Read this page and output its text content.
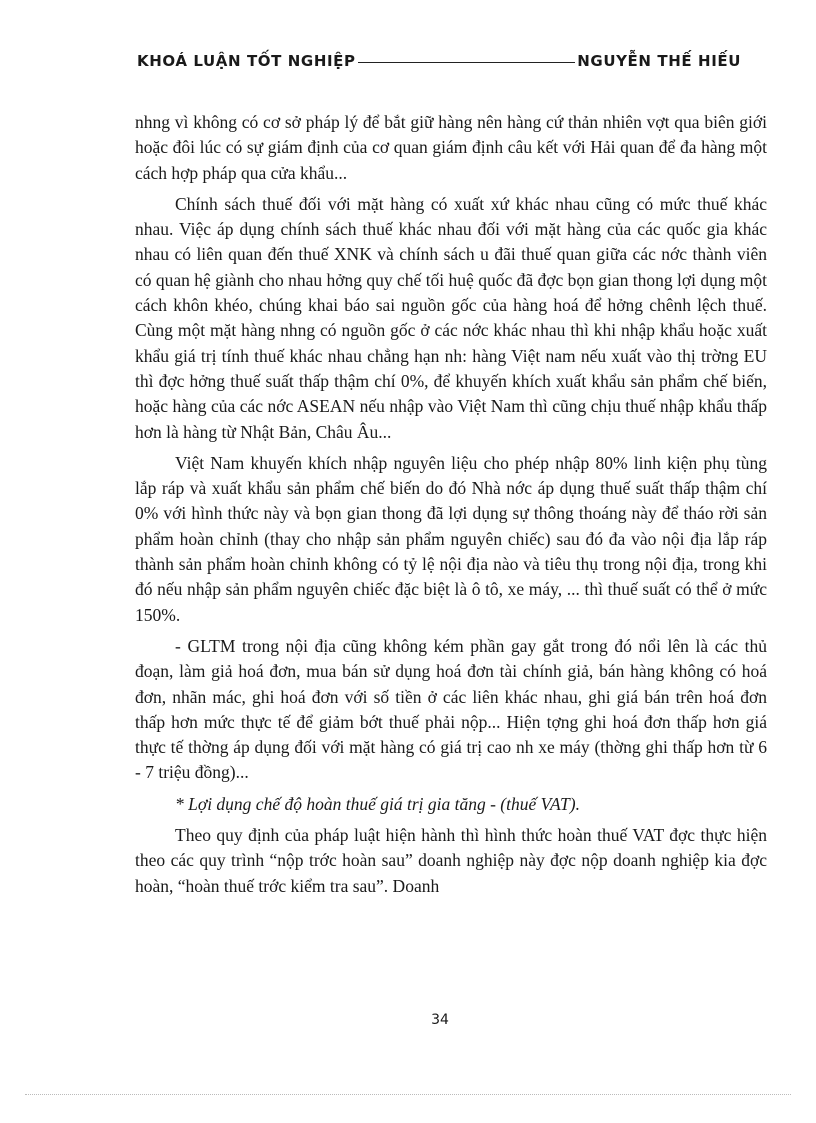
KHOÁ LUẬN TỐT NGHIỆP	NGUYỄN THẾ HIẾU

nhng vì không có cơ sở pháp lý để bắt giữ hàng nên hàng cứ thản nhiên vợt qua biên giới hoặc đôi lúc có sự giám định của cơ quan giám định câu kết với Hải quan để đa hàng một cách hợp pháp qua cửa khẩu...

Chính sách thuế đối với mặt hàng có xuất xứ khác nhau cũng có mức thuế khác nhau. Việc áp dụng chính sách thuế khác nhau đối với mặt hàng của các quốc gia khác nhau có liên quan đến thuế XNK và chính sách u đãi thuế quan giữa các nớc thành viên có quan hệ giành cho nhau hởng quy chế tối huệ quốc đã đợc bọn gian thong lợi dụng một cách khôn khéo, chúng khai báo sai nguồn gốc của hàng hoá để hởng chênh lệch thuế. Cùng một mặt hàng nhng có nguồn gốc ở các nớc khác nhau thì khi nhập khẩu hoặc xuất khẩu giá trị tính thuế khác nhau chẳng hạn nh: hàng Việt nam nếu xuất vào thị trờng EU thì đợc hởng thuế suất thấp thậm chí 0%, để khuyến khích xuất khẩu sản phẩm chế biến, hoặc hàng của các nớc ASEAN nếu nhập vào Việt Nam thì cũng chịu thuế nhập khẩu thấp hơn là hàng từ Nhật Bản, Châu Âu...

Việt Nam khuyến khích nhập nguyên liệu cho phép nhập 80% linh kiện phụ tùng lắp ráp và xuất khẩu sản phẩm chế biến do đó Nhà nớc áp dụng thuế suất thấp thậm chí 0% với hình thức này và bọn gian thong đã lợi dụng sự thông thoáng này để tháo rời sản phẩm hoàn chỉnh (thay cho nhập sản phẩm nguyên chiếc) sau đó đa vào nội địa lắp ráp thành sản phẩm hoàn chỉnh không có tỷ lệ nội địa nào và tiêu thụ trong nội địa, trong khi đó nếu nhập sản phẩm nguyên chiếc đặc biệt là ô tô, xe máy, ... thì thuế suất có thể ở mức 150%.

- GLTM trong nội địa cũng không kém phần gay gắt trong đó nổi lên là các thủ đoạn, làm giả hoá đơn, mua bán sử dụng hoá đơn tài chính giả, bán hàng không có hoá đơn, nhãn mác, ghi hoá đơn với số tiền ở các liên khác nhau, ghi giá bán trên hoá đơn thấp hơn mức thực tế để giảm bớt thuế phải nộp... Hiện tợng ghi hoá đơn thấp hơn giá thực tế thờng áp dụng đối với mặt hàng có giá trị cao nh xe máy (thờng ghi thấp hơn từ 6 - 7 triệu đồng)...

* Lợi dụng chế độ hoàn thuế giá trị gia tăng - (thuế VAT).

Theo quy định của pháp luật hiện hành thì hình thức hoàn thuế VAT đợc thực hiện theo các quy trình “nộp trớc hoàn sau” doanh nghiệp này đợc nộp doanh nghiệp kia đợc hoàn, “hoàn thuế trớc kiểm tra sau”. Doanh

34
